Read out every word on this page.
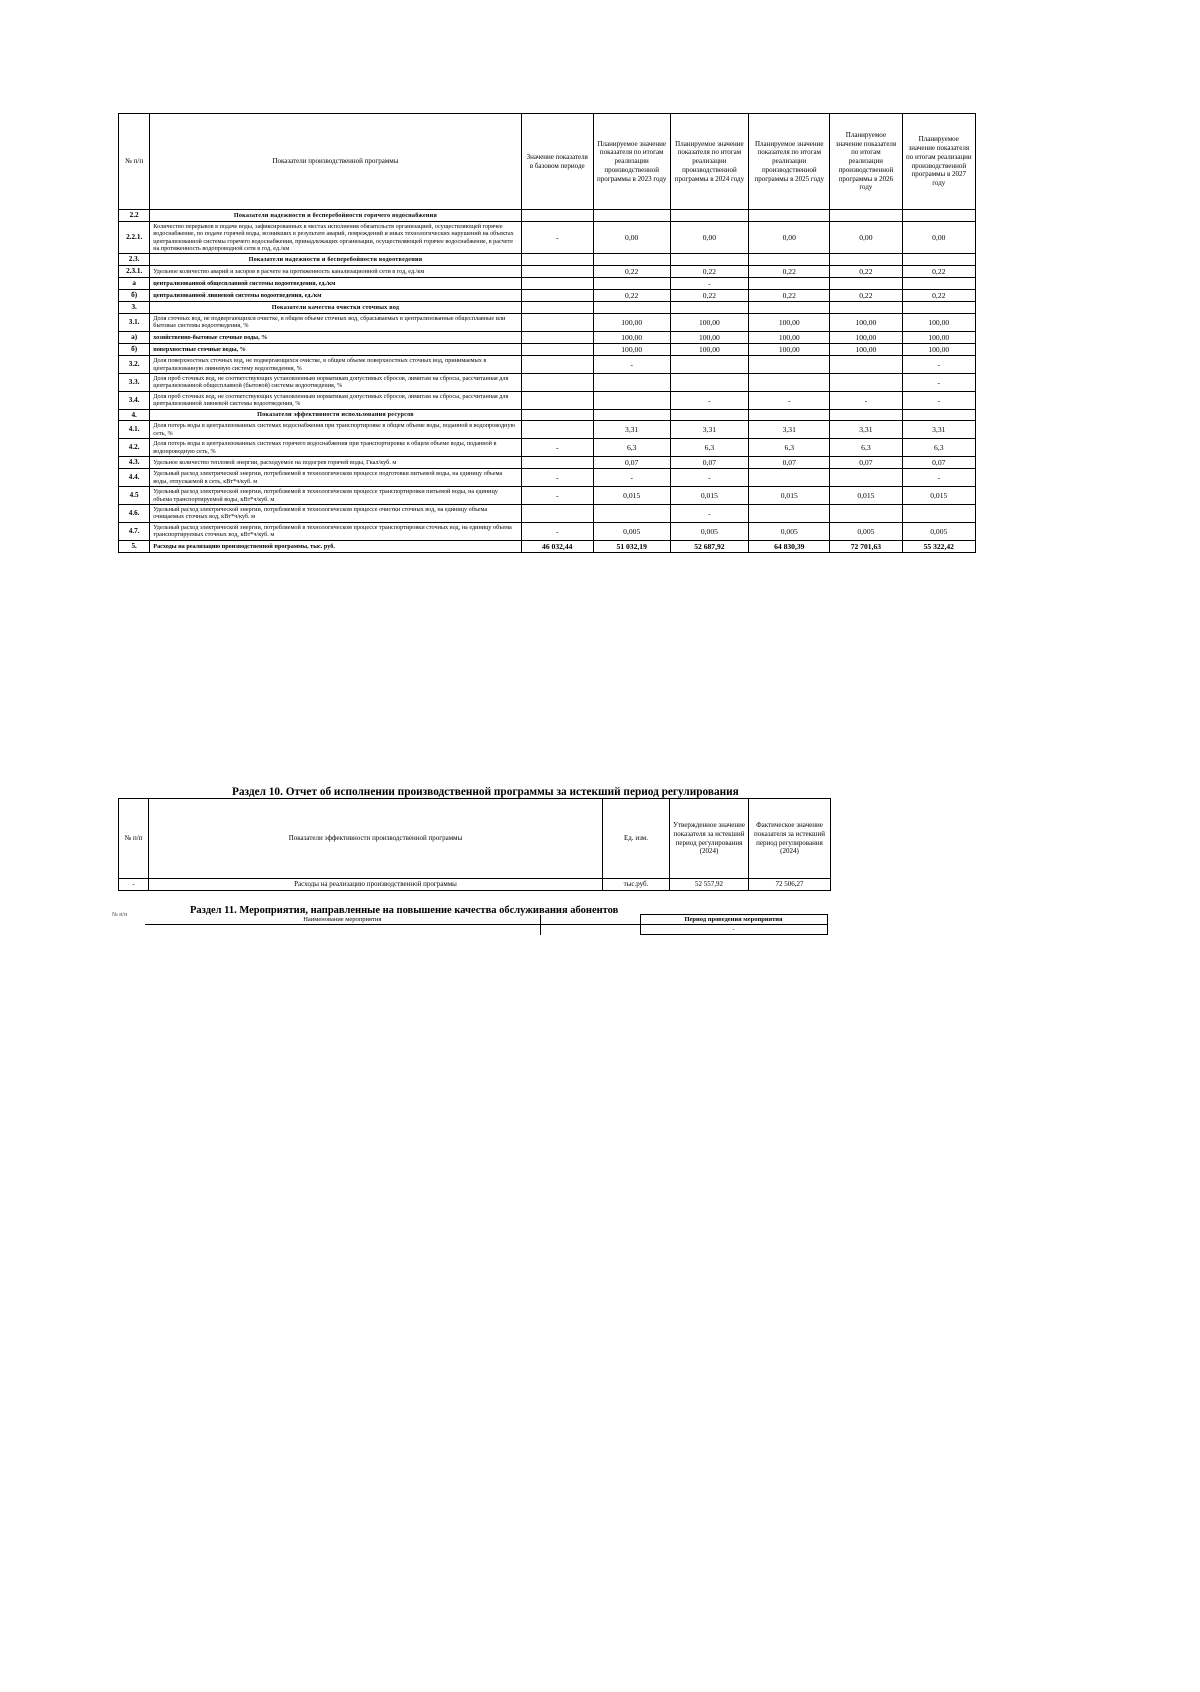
№ п/п	Показатели производственной программы	Значение показателя в базовом периоде	Планируемое значение показателя по итогам реализации производственной программы в 2023 году	Планируемое значение показателя по итогам реализации производственной программы в 2024 году	Планируемое значение показателя по итогам реализации производственной программы в 2025 году	Планируемое значение показателя по итогам реализации производственной программы в 2026 году	Планируемое значение показателя по итогам реализации производственной программы в 2027 году
2.2	Показатели надежности и бесперебойности горячего водоснабжения						
2.2.1.	Количество перерывов в подаче воды, зафиксированных в местах исполнения обязательств организацией, осуществляющей горячее водоснабжение, по подаче горячей воды, возникших в результате аварий, повреждений и иных технологических нарушений на объектах централизованной системы горячего водоснабжения, принадлежащих организации, осуществляющей горячее водоснабжение, в расчете на протяженность водопроводной сети в год, ед./км	-	0,00	0,00	0,00	0,00	0,00
2.3.	Показатели надежности и бесперебойности водоотведения						
2.3.1.	Удельное количество аварий и засоров в расчете на протяженность канализационной сети в год, ед./км		0,22	0,22	0,22	0,22	0,22
а	централизованной общесплавной системы водоотведения, ед./км			-			
б)	централизованной ливневой системы водоотведения, ед./км		0,22	0,22	0,22	0,22	0,22
3.	Показатели качества очистки сточных вод						
3.1.	Доля сточных вод, не подвергающихся очистке, в общем объеме сточных вод, сбрасываемых в централизованные общесплавные или бытовые системы водоотведения, %		100,00	100,00	100,00	100,00	100,00
а)	хозяйственно-бытовые сточные воды, %		100,00	100,00	100,00	100,00	100,00
б)	поверхностные сточные воды, %		100,00	100,00	100,00	100,00	100,00
3.2.	Доля поверхностных сточных вод, не подвергающихся очистке, в общем объеме поверхностных сточных вод, принимаемых в централизованную ливневую систему водоотведения, %		-				-
3.3.	Доля проб сточных вод, не соответствующих установленным нормативам допустимых сбросов, лимитам на сбросы, рассчитанная для централизованной общесплавной (бытовой) системы водоотведения, %						-
3.4.	Доля проб сточных вод, не соответствующих установленным нормативам допустимых сбросов, лимитам на сбросы, рассчитанная для централизованной ливневой системы водоотведения, %			-	-	-	-
4.	Показатели эффективности использования ресурсов						
4.1.	Доля потерь воды в централизованных системах водоснабжения при транспортировке в общем объеме воды, поданной в водопроводную сеть, %		3,31	3,31	3,31	3,31	3,31
4.2.	Доля потерь воды в централизованных системах горячего водоснабжения при транспортировке в общем объеме воды, поданной в водопроводную сеть, %	-	6,3	6,3	6,3	6,3	6,3
4.3.	Удельное количество тепловой энергии, расходуемое на подогрев горячей воды, Гкал/куб. м		0,07	0,07	0,07	0,07	0,07
4.4.	Удельный расход электрической энергии, потребляемой в технологическом процессе подготовки питьевой воды, на единицу объема воды, отпускаемой в сеть, кВт*ч/куб. м	-	-	-			-
4.5	Удельный расход электрической энергии, потребляемой в технологическом процессе транспортировки питьевой воды, на единицу объема транспортируемой воды, кВт*ч/куб. м	-	0,015	0,015	0,015	0,015	0,015
4.6.	Удельный расход электрической энергии, потребляемой в технологическом процессе очистки сточных вод, на единицу объема очищаемых сточных вод, кВт*ч/куб. м			-			
4.7.	Удельный расход электрической энергии, потребляемой в технологическом процессе транспортировки сточных вод, на единицу объема транспортируемых сточных вод, кВт*ч/куб. м	-	0,005	0,005	0,005	0,005	0,005
5.	Расходы на реализацию производственной программы, тыс. руб.	46 032,44	51 032,19	52 687,92	64 830,39	72 701,63	55 322,42
Раздел 10. Отчет об исполнении производственной программы за истекший период регулирования
№ п/п	Показатели эффективности производственной программы	Ед. изм.	Утвержденное значение показателя за истекший период регулирования (2024)	Фактическое значение показателя за истекший период регулирования (2024)
-	Расходы на реализацию производственной программы	тыс.руб.	52 557,92	72 506,27
Раздел 11. Мероприятия, направленные на повышение качества обслуживания абонентов
№ п/п
Наименование мероприятия		Период проведения мероприятия
		-
